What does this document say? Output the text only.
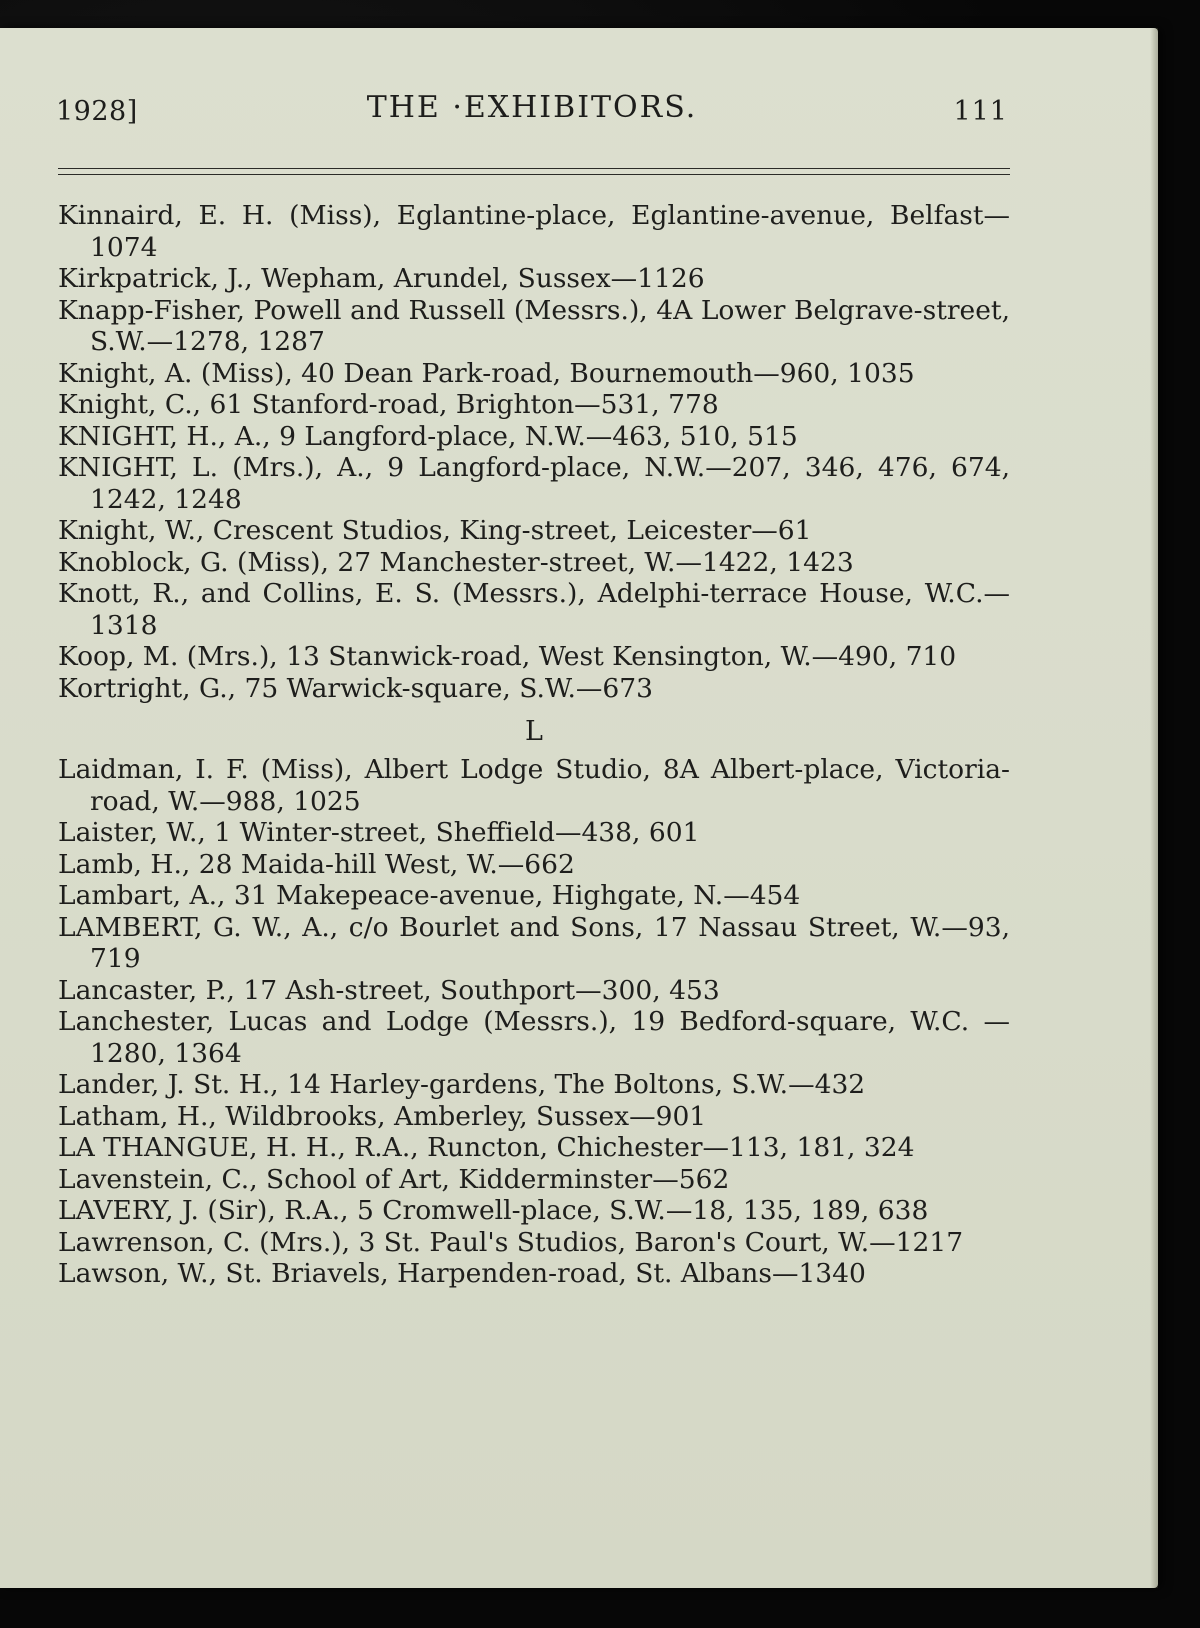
1928]	THE ·EXHIBITORS.	111

Kinnaird, E. H. (Miss), Eglantine-place, Eglantine-avenue, Belfast—1074

Kirkpatrick, J., Wepham, Arundel, Sussex—1126

Knapp-Fisher, Powell and Russell (Messrs.), 4A Lower Belgrave-street, S.W.—1278, 1287

Knight, A. (Miss), 40 Dean Park-road, Bournemouth—960, 1035

Knight, C., 61 Stanford-road, Brighton—531, 778

KNIGHT, H., A., 9 Langford-place, N.W.—463, 510, 515

KNIGHT, L. (Mrs.), A., 9 Langford-place, N.W.—207, 346, 476, 674, 1242, 1248

Knight, W., Crescent Studios, King-street, Leicester—61

Knoblock, G. (Miss), 27 Manchester-street, W.—1422, 1423

Knott, R., and Collins, E. S. (Messrs.), Adelphi-terrace House, W.C.—1318

Koop, M. (Mrs.), 13 Stanwick-road, West Kensington, W.—490, 710

Kortright, G., 75 Warwick-square, S.W.—673

L

Laidman, I. F. (Miss), Albert Lodge Studio, 8A Albert-place, Victoria-road, W.—988, 1025

Laister, W., 1 Winter-street, Sheffield—438, 601

Lamb, H., 28 Maida-hill West, W.—662

Lambart, A., 31 Makepeace-avenue, Highgate, N.—454

LAMBERT, G. W., A., c/o Bourlet and Sons, 17 Nassau Street, W.—93, 719

Lancaster, P., 17 Ash-street, Southport—300, 453

Lanchester, Lucas and Lodge (Messrs.), 19 Bedford-square, W.C. —1280, 1364

Lander, J. St. H., 14 Harley-gardens, The Boltons, S.W.—432

Latham, H., Wildbrooks, Amberley, Sussex—901

LA THANGUE, H. H., R.A., Runcton, Chichester—113, 181, 324

Lavenstein, C., School of Art, Kidderminster—562

LAVERY, J. (Sir), R.A., 5 Cromwell-place, S.W.—18, 135, 189, 638

Lawrenson, C. (Mrs.), 3 St. Paul's Studios, Baron's Court, W.—1217

Lawson, W., St. Briavels, Harpenden-road, St. Albans—1340
